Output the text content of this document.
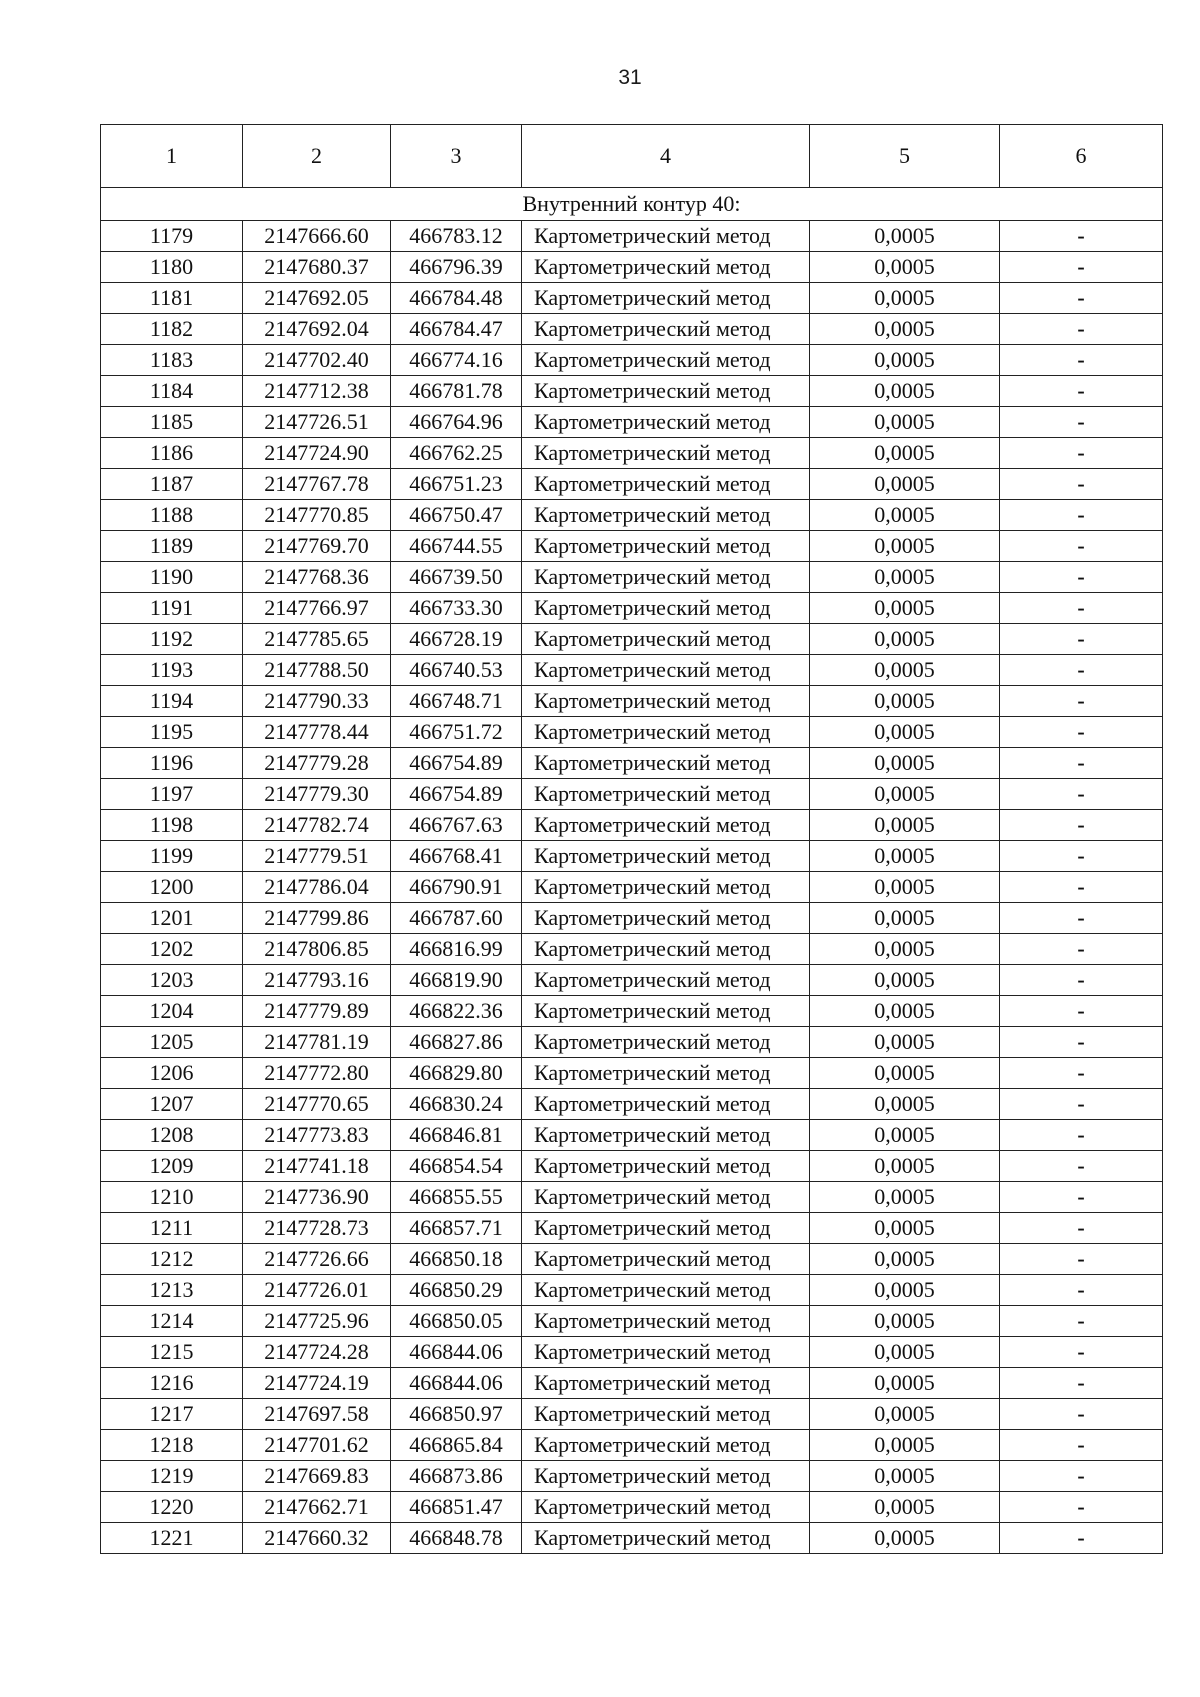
31
1	2	3	4	5	6
Внутренний контур 40:					
1179	2147666.60	466783.12	Картометрический метод	0,0005	-
1180	2147680.37	466796.39	Картометрический метод	0,0005	-
1181	2147692.05	466784.48	Картометрический метод	0,0005	-
1182	2147692.04	466784.47	Картометрический метод	0,0005	-
1183	2147702.40	466774.16	Картометрический метод	0,0005	-
1184	2147712.38	466781.78	Картометрический метод	0,0005	-
1185	2147726.51	466764.96	Картометрический метод	0,0005	-
1186	2147724.90	466762.25	Картометрический метод	0,0005	-
1187	2147767.78	466751.23	Картометрический метод	0,0005	-
1188	2147770.85	466750.47	Картометрический метод	0,0005	-
1189	2147769.70	466744.55	Картометрический метод	0,0005	-
1190	2147768.36	466739.50	Картометрический метод	0,0005	-
1191	2147766.97	466733.30	Картометрический метод	0,0005	-
1192	2147785.65	466728.19	Картометрический метод	0,0005	-
1193	2147788.50	466740.53	Картометрический метод	0,0005	-
1194	2147790.33	466748.71	Картометрический метод	0,0005	-
1195	2147778.44	466751.72	Картометрический метод	0,0005	-
1196	2147779.28	466754.89	Картометрический метод	0,0005	-
1197	2147779.30	466754.89	Картометрический метод	0,0005	-
1198	2147782.74	466767.63	Картометрический метод	0,0005	-
1199	2147779.51	466768.41	Картометрический метод	0,0005	-
1200	2147786.04	466790.91	Картометрический метод	0,0005	-
1201	2147799.86	466787.60	Картометрический метод	0,0005	-
1202	2147806.85	466816.99	Картометрический метод	0,0005	-
1203	2147793.16	466819.90	Картометрический метод	0,0005	-
1204	2147779.89	466822.36	Картометрический метод	0,0005	-
1205	2147781.19	466827.86	Картометрический метод	0,0005	-
1206	2147772.80	466829.80	Картометрический метод	0,0005	-
1207	2147770.65	466830.24	Картометрический метод	0,0005	-
1208	2147773.83	466846.81	Картометрический метод	0,0005	-
1209	2147741.18	466854.54	Картометрический метод	0,0005	-
1210	2147736.90	466855.55	Картометрический метод	0,0005	-
1211	2147728.73	466857.71	Картометрический метод	0,0005	-
1212	2147726.66	466850.18	Картометрический метод	0,0005	-
1213	2147726.01	466850.29	Картометрический метод	0,0005	-
1214	2147725.96	466850.05	Картометрический метод	0,0005	-
1215	2147724.28	466844.06	Картометрический метод	0,0005	-
1216	2147724.19	466844.06	Картометрический метод	0,0005	-
1217	2147697.58	466850.97	Картометрический метод	0,0005	-
1218	2147701.62	466865.84	Картометрический метод	0,0005	-
1219	2147669.83	466873.86	Картометрический метод	0,0005	-
1220	2147662.71	466851.47	Картометрический метод	0,0005	-
1221	2147660.32	466848.78	Картометрический метод	0,0005	-
